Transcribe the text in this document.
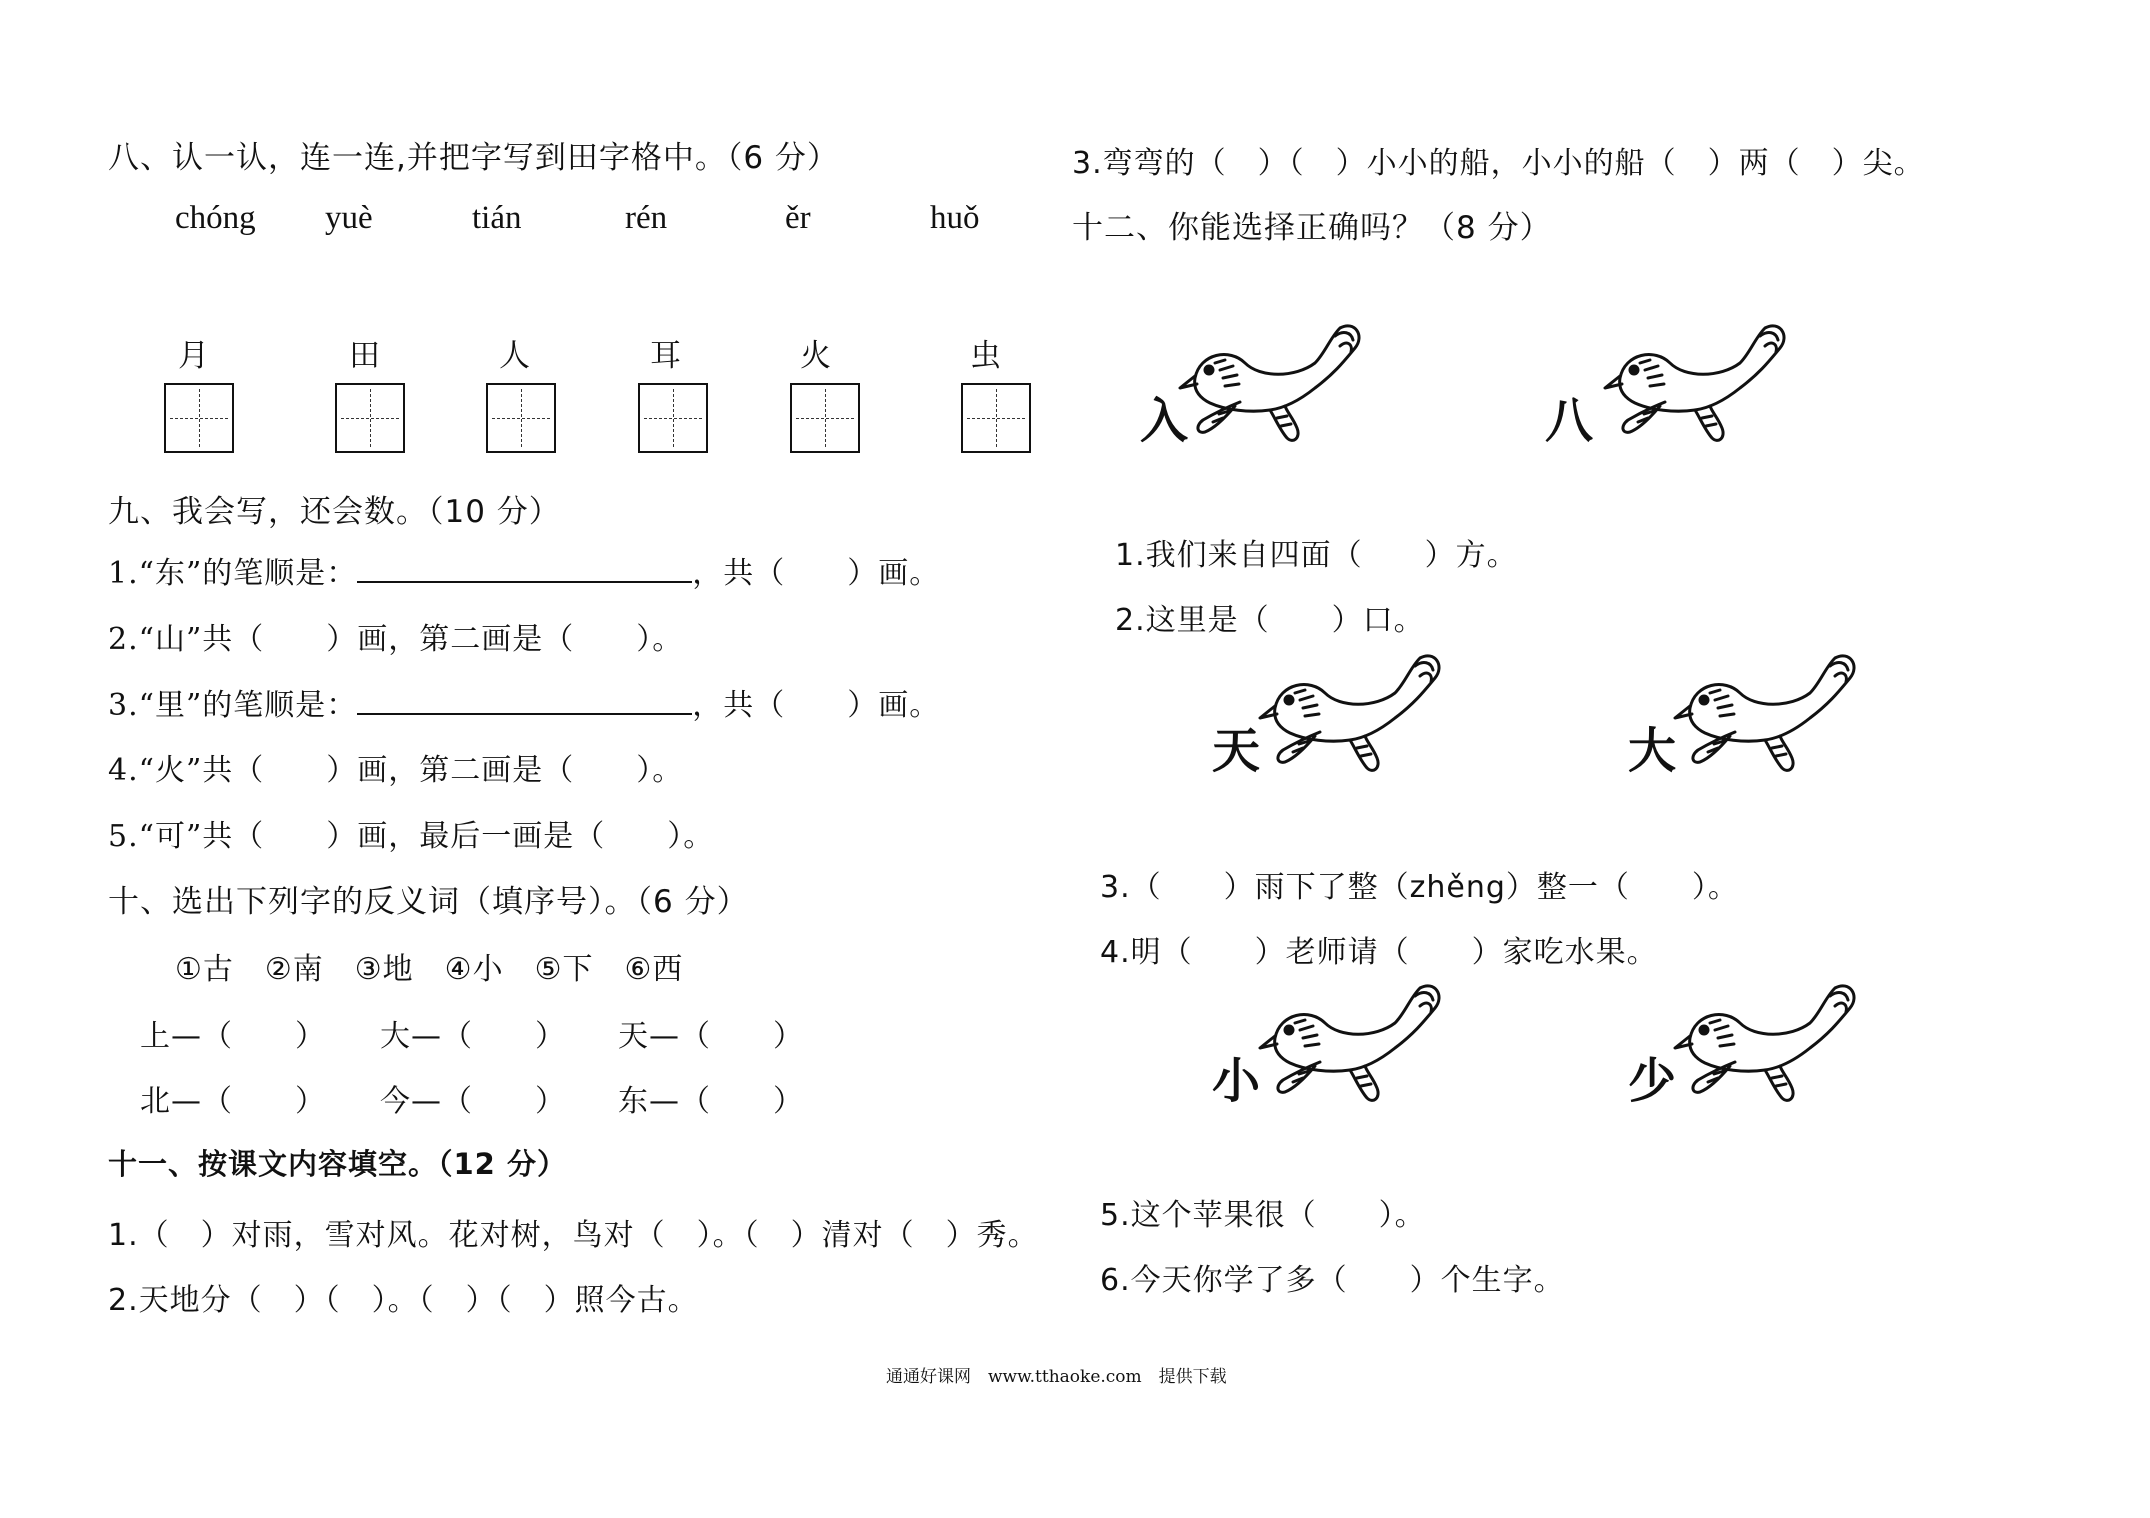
八、认一认，连一连,并把字写到田字格中。（6 分）
chóng yuè	tián	rén	ěr	huǒ
月	田	人	耳	火	虫
九、我会写，还会数。（10 分）
1.“东”的笔顺是：	，共（　　）画。
2.“山”共（　　）画，第二画是（　　）。
3.“里”的笔顺是：	，共（　　）画。
4.“火”共（　　）画，第二画是（　　）。
5.“可”共（　　）画，最后一画是（　　）。
十、选出下列字的反义词（填序号）。（6 分）
①古　②南　③地　④小　⑤下　⑥西
上—（　　） 大—（　　） 天—（　　）
北—（　　） 今—（　　） 东—（　　）
十一、按课文内容填空。（12 分）
1.（　）对雨，雪对风。花对树，鸟对（　）。（　）清对（　）秀。
2.天地分（　）（　）。（　）（　）照今古。
3.弯弯的（　）（　）小小的船，小小的船（　）两（　）尖。
十二、你能选择正确吗？（8 分）
入	八
1.我们来自四面（　　）方。
2.这里是（　　）口。
天	大
3.（　　）雨下了整（zhěng）整一（　　）。
4.明（　　）老师请（　　）家吃水果。
小	少
5.这个苹果很（　　）。
6.今天你学了多（　　）个生字。
通通好课网　www.tthaoke.com　提供下载
